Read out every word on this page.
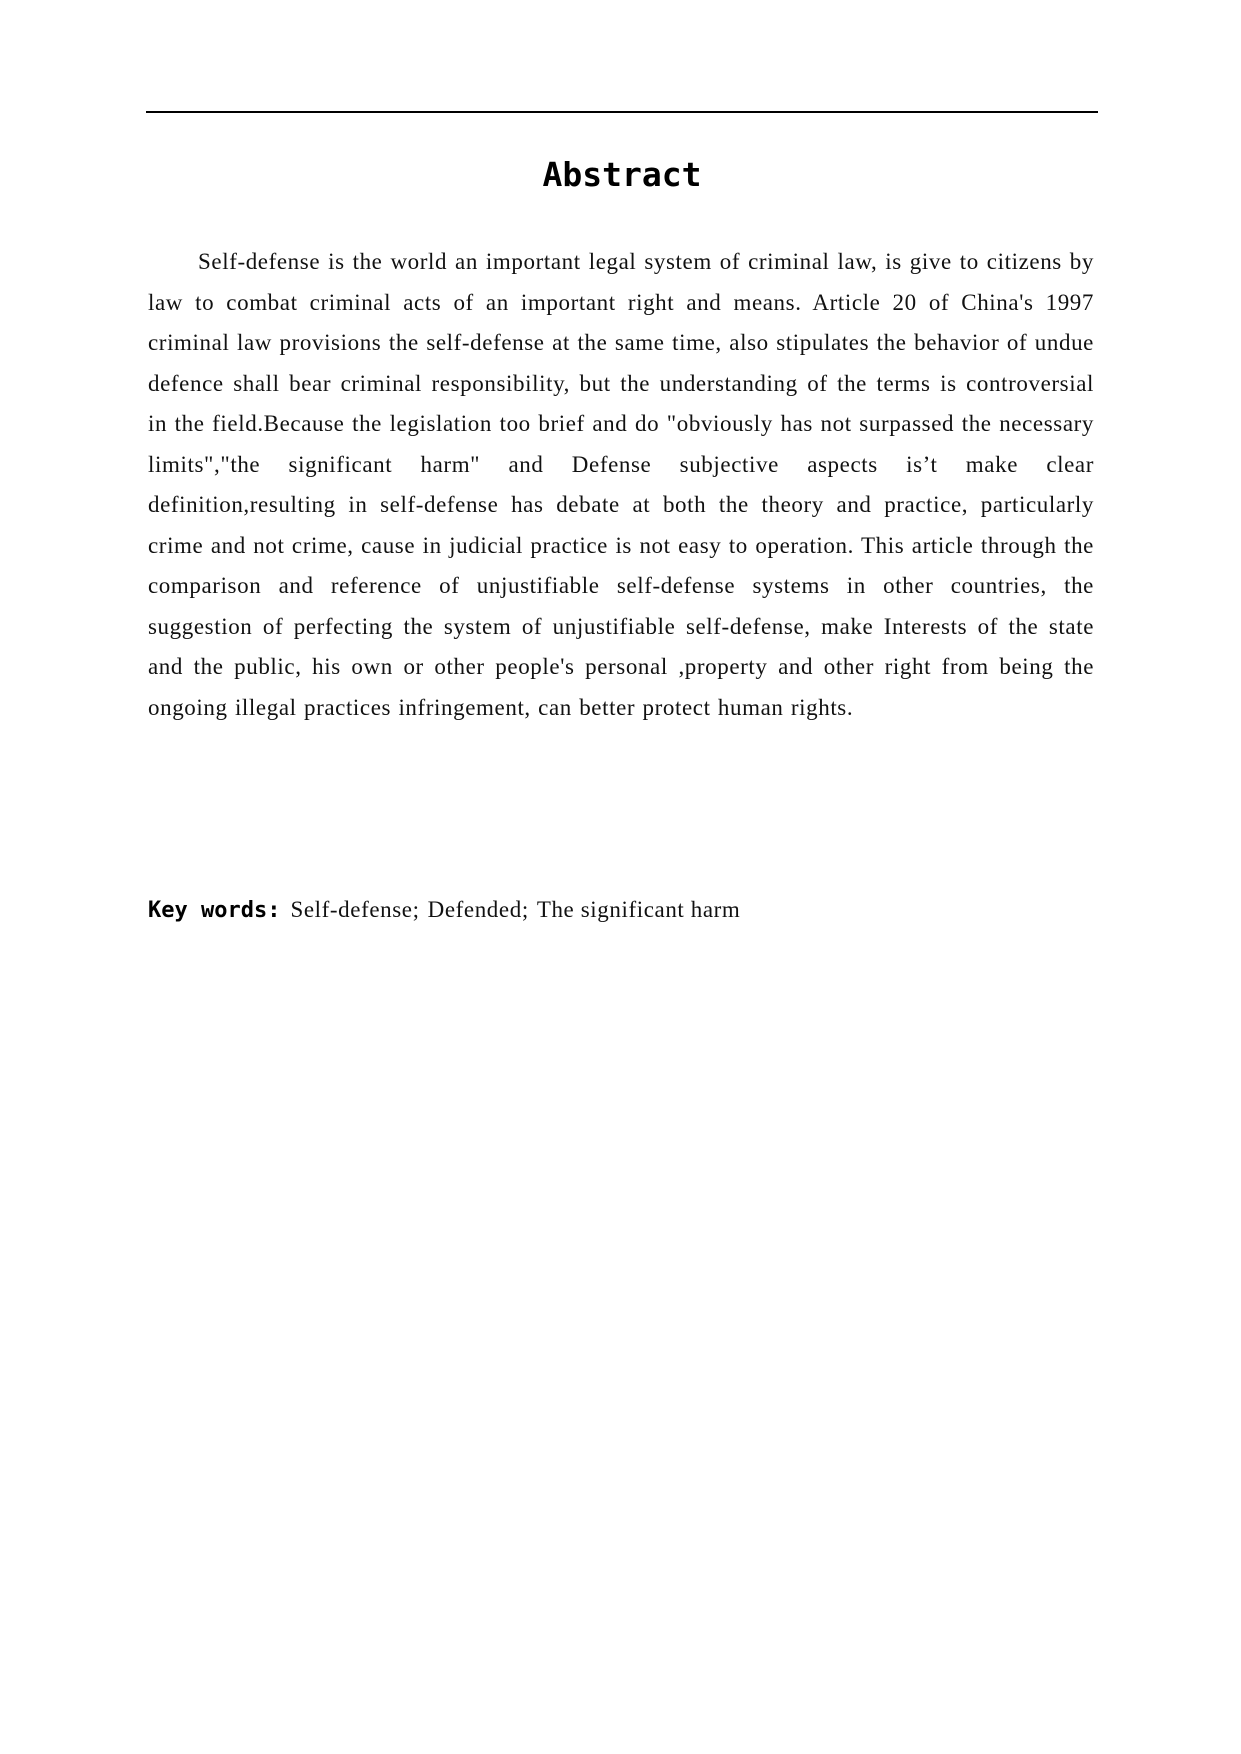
Abstract

Self-defense is the world an important legal system of criminal law, is give to citizens by law to combat criminal acts of an important right and means. Article 20 of China's 1997 criminal law provisions the self-defense at the same time, also stipulates the behavior of undue defence shall bear criminal responsibility, but the understanding of the terms is controversial in the field.Because the legislation too brief and do "obviously has not surpassed the necessary limits","the significant harm" and Defense subjective aspects is’t make clear definition,resulting in self-defense has debate at both the theory and practice, particularly crime and not crime, cause in judicial practice is not easy to operation. This article through the comparison and reference of unjustifiable self-defense systems in other countries, the suggestion of perfecting the system of unjustifiable self-defense, make Interests of the state and the public, his own or other people's personal ,property and other right from being the ongoing illegal practices infringement, can better protect human rights.

Key words: Self-defense; Defended; The significant harm
